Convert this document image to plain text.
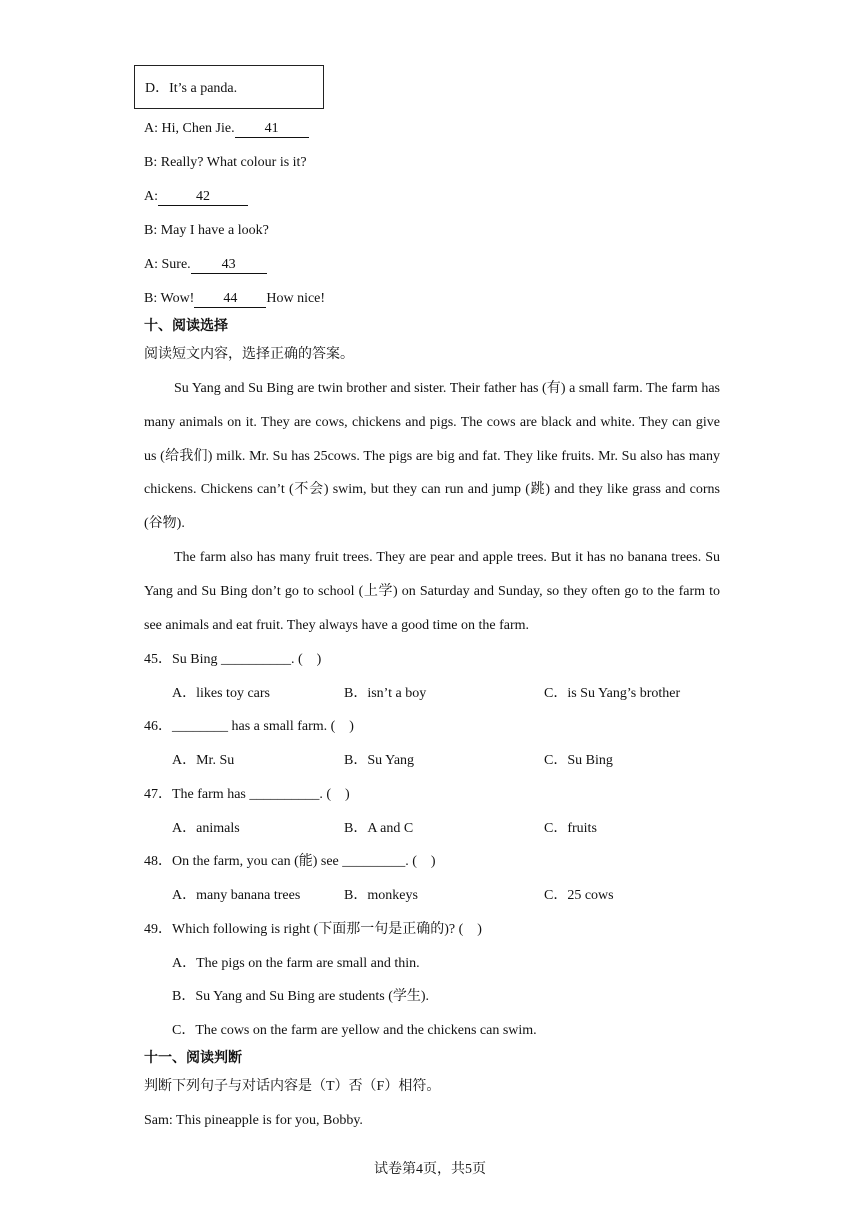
D．It’s a panda.
A: Hi, Chen Jie. 41
B: Really? What colour is it?
A:	42
B: May I have a look?
A: Sure. 43
B: Wow! 44 How nice!
十、阅读选择
阅读短文内容，选择正确的答案。
Su Yang and Su Bing are twin brother and sister. Their father has (有) a small farm. The farm has many animals on it. They are cows, chickens and pigs. The cows are black and white. They can give us (给我们) milk. Mr. Su has 25cows. The pigs are big and fat. They like fruits. Mr. Su also has many chickens. Chickens can’t (不会) swim, but they can run and jump (跳) and they like grass and corns (谷物).
The farm also has many fruit trees. They are pear and apple trees. But it has no banana trees. Su Yang and Su Bing don’t go to school (上学) on Saturday and Sunday, so they often go to the farm to see animals and eat fruit. They always have a good time on the farm.
45．Su Bing __________. (　)
A．likes toy cars	B．isn’t a boy	C．is Su Yang’s brother
46．________ has a small farm. (　)
A．Mr. Su	B．Su Yang	C．Su Bing
47．The farm has __________. (　)
A．animals	B．A and C	C．fruits
48．On the farm, you can (能) see _________. (　)
A．many banana trees	B．monkeys	C．25 cows
49．Which following is right (下面那一句是正确的)? (　)
A．The pigs on the farm are small and thin.
B．Su Yang and Su Bing are students (学生).
C．The cows on the farm are yellow and the chickens can swim.
十一、阅读判断
判断下列句子与对话内容是（T）否（F）相符。
Sam: This pineapple is for you, Bobby.
试卷第4页，共5页
